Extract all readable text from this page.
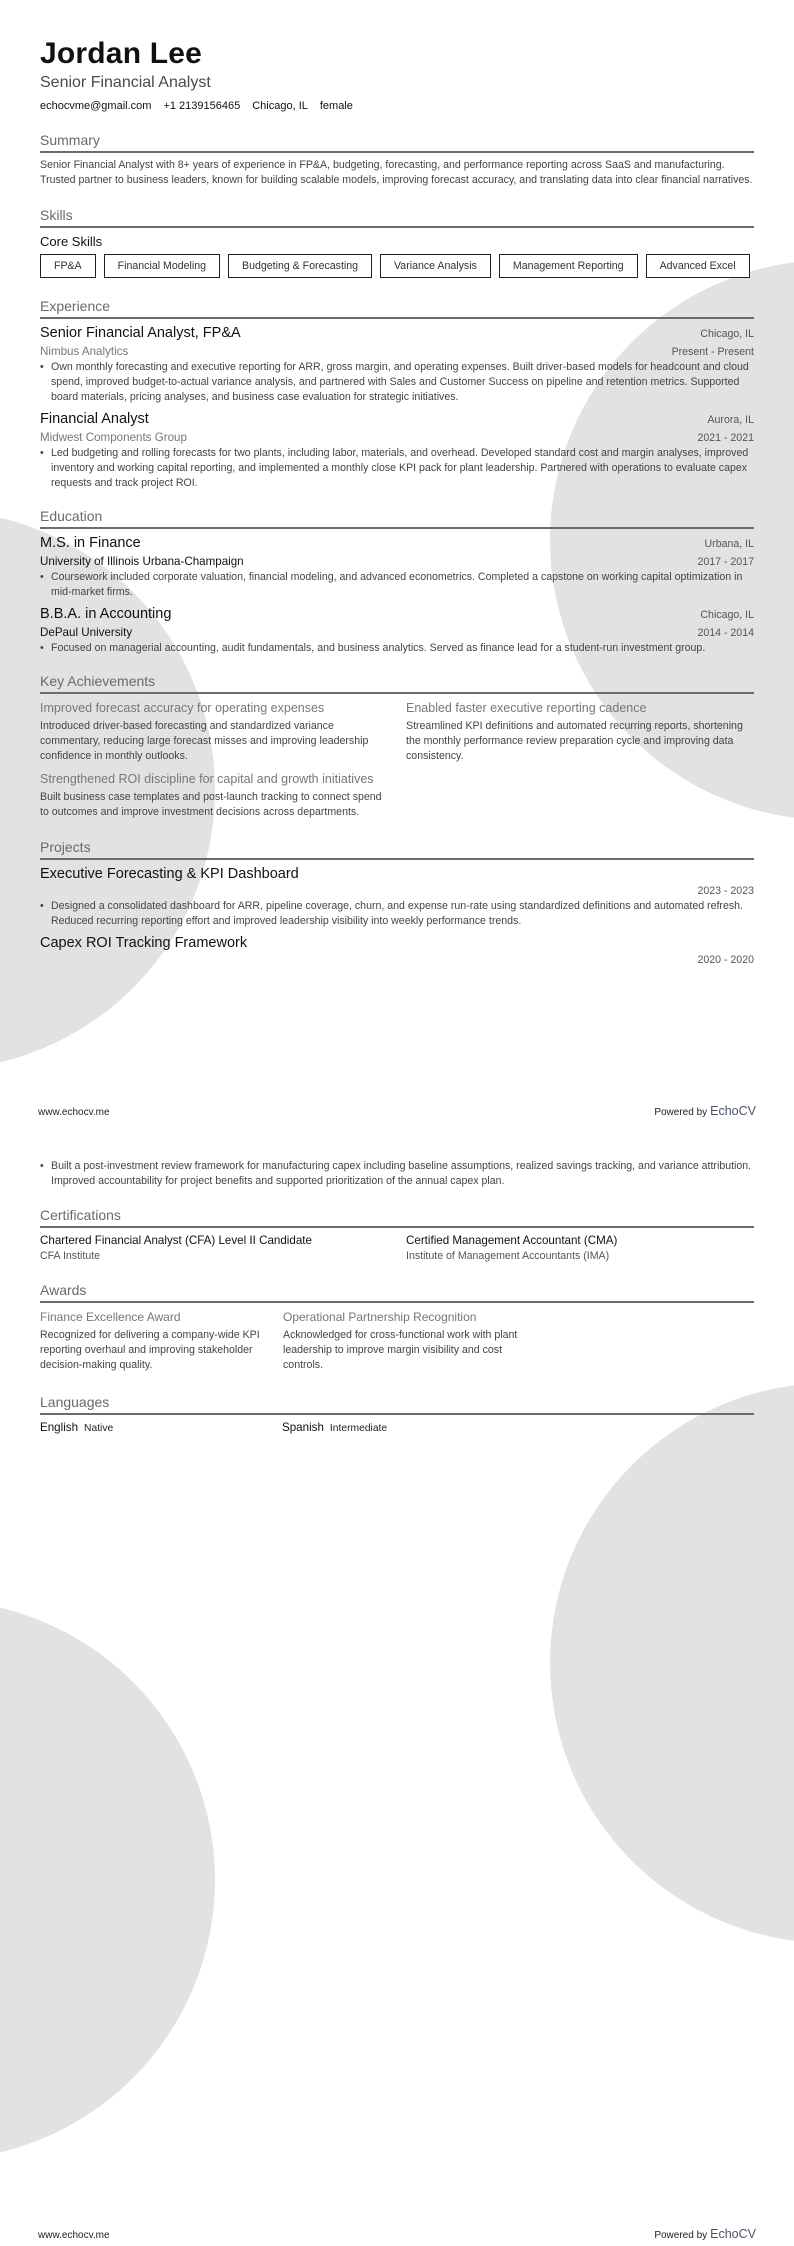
Jordan Lee
Senior Financial Analyst
echocvme@gmail.com +1 2139156465 Chicago, IL female
Summary
Senior Financial Analyst with 8+ years of experience in FP&A, budgeting, forecasting, and performance reporting across SaaS and manufacturing. Trusted partner to business leaders, known for building scalable models, improving forecast accuracy, and translating data into clear financial narratives.
Skills
Core Skills
FP&A	Financial Modeling	Budgeting & Forecasting	Variance Analysis	Management Reporting	Advanced Excel
Experience
Senior Financial Analyst, FP&A	Chicago, IL
Nimbus Analytics	Present - Present
• Own monthly forecasting and executive reporting for ARR, gross margin, and operating expenses. Built driver-based models for headcount and cloud spend, improved budget-to-actual variance analysis, and partnered with Sales and Customer Success on pipeline and retention metrics. Supported board materials, pricing analyses, and business case evaluation for strategic initiatives.
Financial Analyst	Aurora, IL
Midwest Components Group	2021 - 2021
• Led budgeting and rolling forecasts for two plants, including labor, materials, and overhead. Developed standard cost and margin analyses, improved inventory and working capital reporting, and implemented a monthly close KPI pack for plant leadership. Partnered with operations to evaluate capex requests and track project ROI.
Education
M.S. in Finance	Urbana, IL
University of Illinois Urbana-Champaign	2017 - 2017
• Coursework included corporate valuation, financial modeling, and advanced econometrics. Completed a capstone on working capital optimization in mid-market firms.
B.B.A. in Accounting	Chicago, IL
DePaul University	2014 - 2014
• Focused on managerial accounting, audit fundamentals, and business analytics. Served as finance lead for a student-run investment group.
Key Achievements
Improved forecast accuracy for operating expenses
Introduced driver-based forecasting and standardized variance commentary, reducing large forecast misses and improving leadership confidence in monthly outlooks.
Enabled faster executive reporting cadence
Streamlined KPI definitions and automated recurring reports, shortening the monthly performance review preparation cycle and improving data consistency.
Strengthened ROI discipline for capital and growth initiatives
Built business case templates and post-launch tracking to connect spend to outcomes and improve investment decisions across departments.
Projects
Executive Forecasting & KPI Dashboard
2023 - 2023
• Designed a consolidated dashboard for ARR, pipeline coverage, churn, and expense run-rate using standardized definitions and automated refresh. Reduced recurring reporting effort and improved leadership visibility into weekly performance trends.
Capex ROI Tracking Framework
2020 - 2020
www.echocv.me	Powered by EchoCV
• Built a post-investment review framework for manufacturing capex including baseline assumptions, realized savings tracking, and variance attribution. Improved accountability for project benefits and supported prioritization of the annual capex plan.
Certifications
Chartered Financial Analyst (CFA) Level II Candidate
CFA Institute
Certified Management Accountant (CMA)
Institute of Management Accountants (IMA)
Awards
Finance Excellence Award
Recognized for delivering a company-wide KPI reporting overhaul and improving stakeholder decision-making quality.
Operational Partnership Recognition
Acknowledged for cross-functional work with plant leadership to improve margin visibility and cost controls.
Languages
English Native	Spanish Intermediate
www.echocv.me	Powered by EchoCV
